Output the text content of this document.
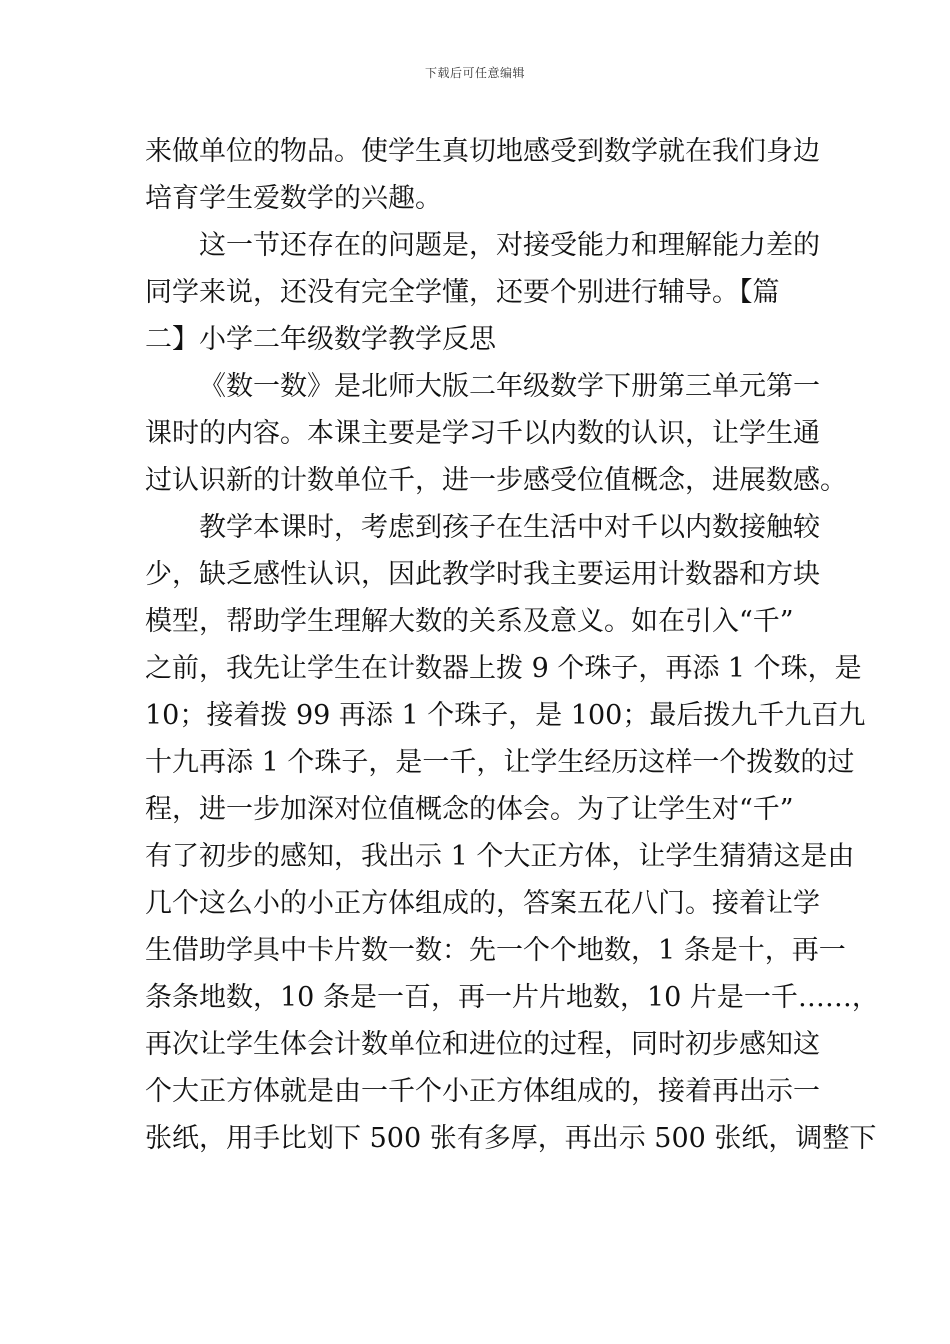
下载后可任意编辑
来做单位的物品。使学生真切地感受到数学就在我们身边
培育学生爱数学的兴趣。
这一节还存在的问题是，对接受能力和理解能力差的
同学来说，还没有完全学懂，还要个别进行辅导。【篇
二】小学二年级数学教学反思
《数一数》是北师大版二年级数学下册第三单元第一
课时的内容。本课主要是学习千以内数的认识，让学生通
过认识新的计数单位千，进一步感受位值概念，进展数感。
教学本课时，考虑到孩子在生活中对千以内数接触较
少，缺乏感性认识，因此教学时我主要运用计数器和方块
模型，帮助学生理解大数的关系及意义。如在引入“千”
之前，我先让学生在计数器上拨 9 个珠子，再添 1 个珠，是
10；接着拨 99 再添 1 个珠子，是 100；最后拨九千九百九
十九再添 1 个珠子，是一千，让学生经历这样一个拨数的过
程，进一步加深对位值概念的体会。为了让学生对“千”
有了初步的感知，我出示 1 个大正方体，让学生猜猜这是由
几个这么小的小正方体组成的，答案五花八门。接着让学
生借助学具中卡片数一数：先一个个地数，1 条是十，再一
条条地数，10 条是一百，再一片片地数，10 片是一千……，
再次让学生体会计数单位和进位的过程，同时初步感知这
个大正方体就是由一千个小正方体组成的，接着再出示一
张纸，用手比划下 500 张有多厚，再出示 500 张纸，调整下
